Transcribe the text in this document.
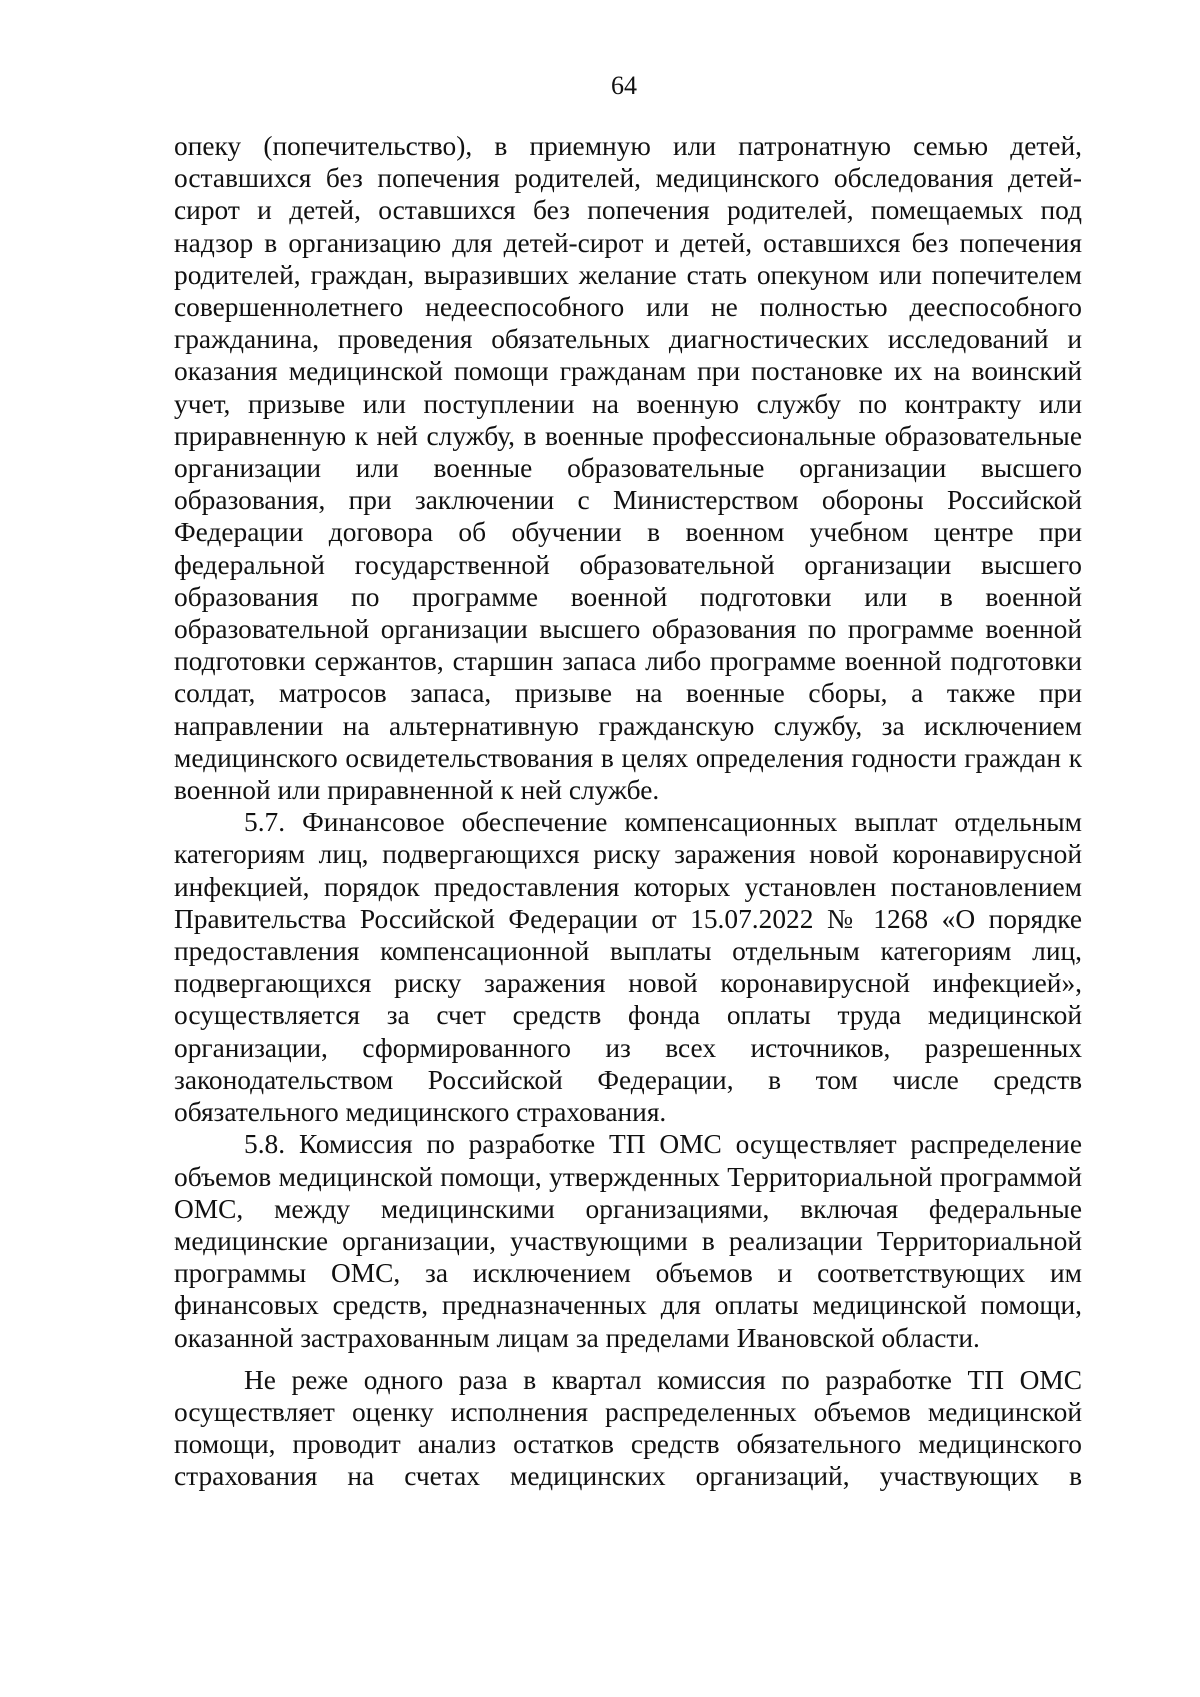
64

опеку (попечительство), в приемную или патронатную семью детей, оставшихся без попечения родителей, медицинского обследования детей-сирот и детей, оставшихся без попечения родителей, помещаемых под надзор в организацию для детей-сирот и детей, оставшихся без попечения родителей, граждан, выразивших желание стать опекуном или попечителем совершеннолетнего недееспособного или не полностью дееспособного гражданина, проведения обязательных диагностических исследований и оказания медицинской помощи гражданам при постановке их на воинский учет, призыве или поступлении на военную службу по контракту или приравненную к ней службу, в военные профессиональные образовательные организации или военные образовательные организации высшего образования, при заключении с Министерством обороны Российской Федерации договора об обучении в военном учебном центре при федеральной государственной образовательной организации высшего образования по программе военной подготовки или в военной образовательной организации высшего образования по программе военной подготовки сержантов, старшин запаса либо программе военной подготовки солдат, матросов запаса, призыве на военные сборы, а также при направлении на альтернативную гражданскую службу, за исключением медицинского освидетельствования в целях определения годности граждан к военной или приравненной к ней службе.

5.7. Финансовое обеспечение компенсационных выплат отдельным категориям лиц, подвергающихся риску заражения новой коронавирусной инфекцией, порядок предоставления которых установлен постановлением Правительства Российской Федерации от 15.07.2022 № 1268 «О порядке предоставления компенсационной выплаты отдельным категориям лиц, подвергающихся риску заражения новой коронавирусной инфекцией», осуществляется за счет средств фонда оплаты труда медицинской организации, сформированного из всех источников, разрешенных законодательством Российской Федерации, в том числе средств обязательного медицинского страхования.

5.8. Комиссия по разработке ТП ОМС осуществляет распределение объемов медицинской помощи, утвержденных Территориальной программой ОМС, между медицинскими организациями, включая федеральные медицинские организации, участвующими в реализации Территориальной программы ОМС, за исключением объемов и соответствующих им финансовых средств, предназначенных для оплаты медицинской помощи, оказанной застрахованным лицам за пределами Ивановской области.

Не реже одного раза в квартал комиссия по разработке ТП ОМС осуществляет оценку исполнения распределенных объемов медицинской помощи, проводит анализ остатков средств обязательного медицинского страхования на счетах медицинских организаций, участвующих в
